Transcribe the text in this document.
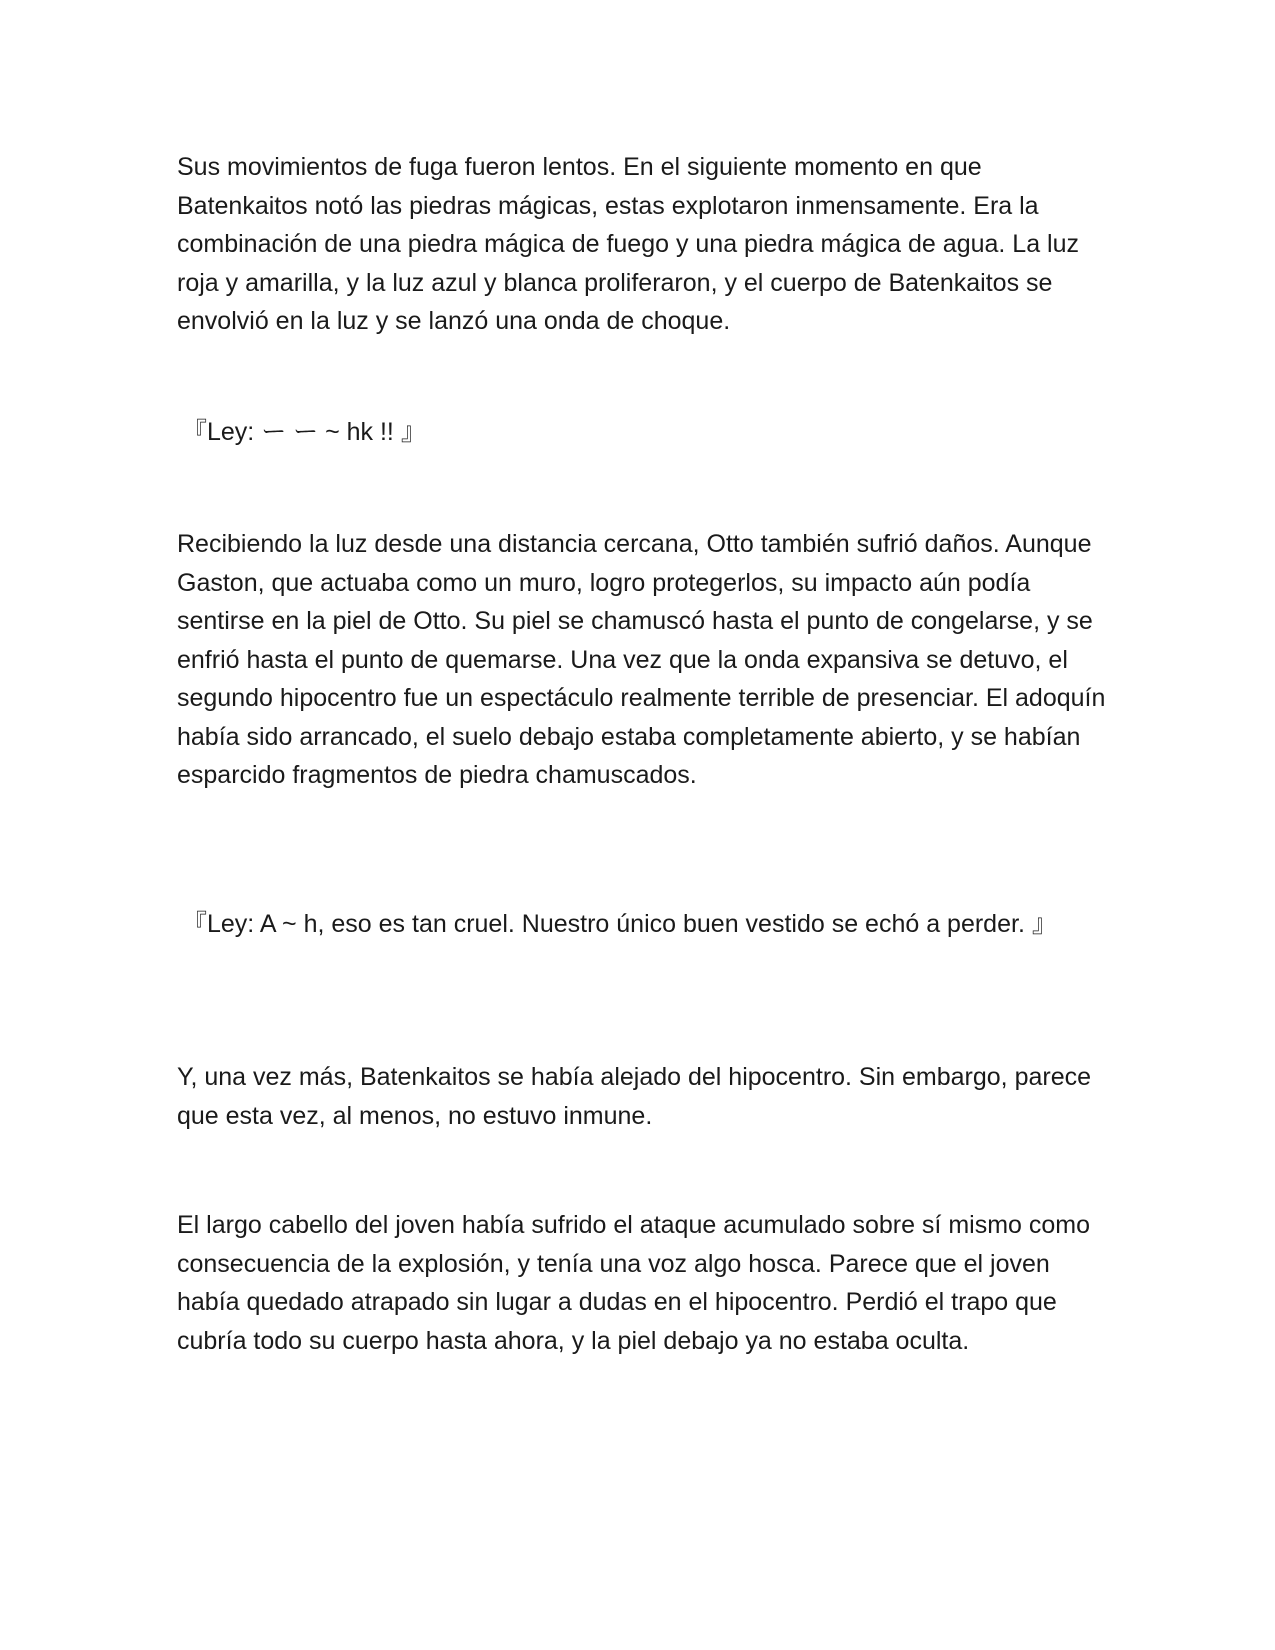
Sus movimientos de fuga fueron lentos. En el siguiente momento en que Batenkaitos notó las piedras mágicas, estas explotaron inmensamente. Era la combinación de una piedra mágica de fuego y una piedra mágica de agua. La luz roja y amarilla, y la luz azul y blanca proliferaron, y el cuerpo de Batenkaitos se envolvió en la luz y se lanzó una onda de choque.

『Ley: ー ー ~ hk !! 』

Recibiendo la luz desde una distancia cercana, Otto también sufrió daños. Aunque Gaston, que actuaba como un muro, logro protegerlos, su impacto aún podía sentirse en la piel de Otto. Su piel se chamuscó hasta el punto de congelarse, y se enfrió hasta el punto de quemarse. Una vez que la onda expansiva se detuvo, el segundo hipocentro fue un espectáculo realmente terrible de presenciar. El adoquín había sido arrancado, el suelo debajo estaba completamente abierto, y se habían esparcido fragmentos de piedra chamuscados.

『Ley: A ~ h, eso es tan cruel. Nuestro único buen vestido se echó a perder. 』

Y, una vez más, Batenkaitos se había alejado del hipocentro. Sin embargo, parece que esta vez, al menos, no estuvo inmune.

El largo cabello del joven había sufrido el ataque acumulado sobre sí mismo como consecuencia de la explosión, y tenía una voz algo hosca. Parece que el joven había quedado atrapado sin lugar a dudas en el hipocentro. Perdió el trapo que cubría todo su cuerpo hasta ahora, y la piel debajo ya no estaba oculta.
